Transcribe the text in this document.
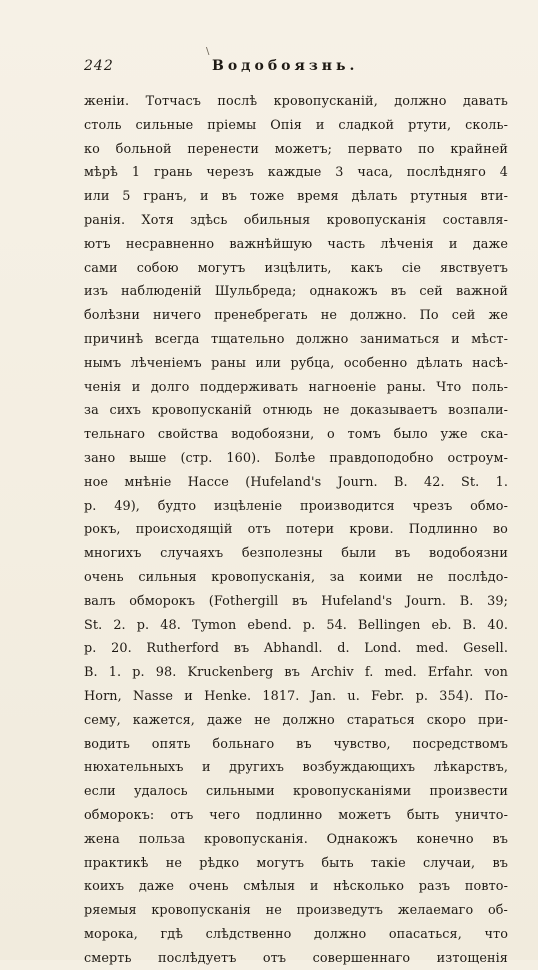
\
242	Водобоязнь.
женіи. Тотчасъ послѣ кровопусканій, должно давать
столь сильные пріемы Опія и сладкой ртути, сколь-
ко больной перенести можетъ; первато по крайней
мѣрѣ 1 грань черезъ каждые 3 часа, послѣдняго 4
или 5 гранъ, и въ тоже время дѣлать ртутныя вти-
ранія. Хотя здѣсь обильныя кровопусканія составля-
ютъ несравненно важнѣйшую часть лѣченія и даже
сами собою могутъ изцѣлить, какъ сіе явствуетъ
изъ наблюденій Шульбреда; однакожъ въ сей важной
болѣзни ничего пренебрегать не должно. По сей же
причинѣ всегда тщательно должно заниматься и мѣст-
нымъ лѣченіемъ раны или рубца, особенно дѣлать насѣ-
ченія и долго поддерживать нагноеніе раны. Что поль-
за сихъ кровопусканій отнюдь не доказываетъ возпали-
тельнаго свойства водобоязни, о томъ было уже ска-
зано выше (стр. 160). Болѣе правдоподобно остроум-
ное мнѣніе Hacce (Hufeland's Journ. B. 42. St. 1.
p. 49), будто изцѣленіе производится чрезъ обмо-
рокъ, происходящій отъ потери крови. Подлинно во
многихъ случаяхъ безполезны были въ водобоязни
очень сильныя кровопусканія, за коими не послѣдо-
валъ обморокъ (Fothergill въ Hufeland's Journ. B. 39;
St. 2. p. 48. Tymon ebend. p. 54. Bellingen eb. B. 40.
p. 20. Rutherford въ Abhandl. d. Lond. med. Gesell.
B. 1. p. 98. Kruckenberg въ Archiv f. med. Erfahr. von
Horn, Nasse и Henke. 1817. Jan. u. Febr. p. 354). По-
сему, кажется, даже не должно стараться скоро при-
водить опять больнаго въ чувство, посредствомъ
нюхательныхъ и другихъ возбуждающихъ лѣкарствъ,
если удалось сильными кровопусканіями произвести
обморокъ: отъ чего подлинно можетъ быть уничто-
жена польза кровопусканія. Однакожъ конечно въ
практикѣ не рѣдко могутъ быть такіе случаи, въ
коихъ даже очень смѣлыя и нѣсколько разъ повто-
ряемыя кровопусканія не произведутъ желаемаго об-
морока, гдѣ слѣдственно должно опасаться, что
смерть послѣдуетъ отъ совершеннаго изтощенія
